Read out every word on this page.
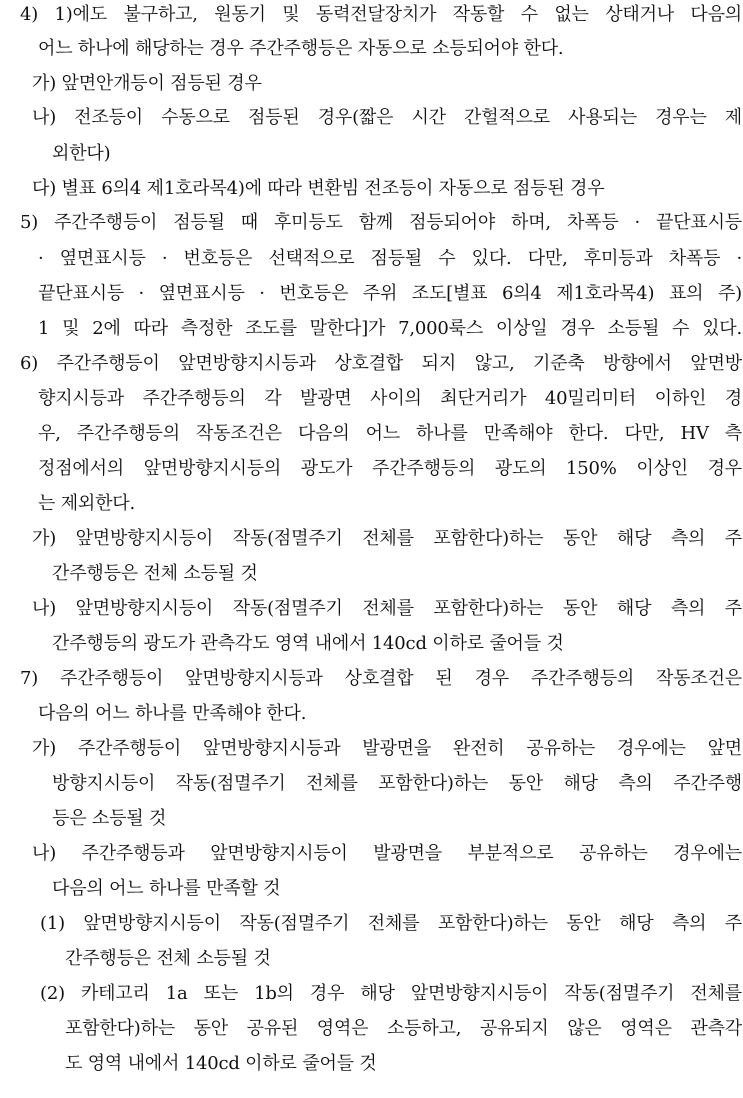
4) 1)에도 불구하고, 원동기 및 동력전달장치가 작동할 수 없는 상태거나 다음의
어느 하나에 해당하는 경우 주간주행등은 자동으로 소등되어야 한다.
가) 앞면안개등이 점등된 경우
나) 전조등이 수동으로 점등된 경우(짧은 시간 간헐적으로 사용되는 경우는 제
외한다)
다) 별표 6의4 제1호라목4)에 따라 변환빔 전조등이 자동으로 점등된 경우
5) 주간주행등이 점등될 때 후미등도 함께 점등되어야 하며, 차폭등 · 끝단표시등
· 옆면표시등 · 번호등은 선택적으로 점등될 수 있다. 다만, 후미등과 차폭등 ·
끝단표시등 · 옆면표시등 · 번호등은 주위 조도[별표 6의4 제1호라목4) 표의 주)
1 및 2에 따라 측정한 조도를 말한다]가 7,000룩스 이상일 경우 소등될 수 있다.
6) 주간주행등이 앞면방향지시등과 상호결합 되지 않고, 기준축 방향에서 앞면방
향지시등과 주간주행등의 각 발광면 사이의 최단거리가 40밀리미터 이하인 경
우, 주간주행등의 작동조건은 다음의 어느 하나를 만족해야 한다. 다만, HV 측
정점에서의 앞면방향지시등의 광도가 주간주행등의 광도의 150% 이상인 경우
는 제외한다.
가) 앞면방향지시등이 작동(점멸주기 전체를 포함한다)하는 동안 해당 측의 주
간주행등은 전체 소등될 것
나) 앞면방향지시등이 작동(점멸주기 전체를 포함한다)하는 동안 해당 측의 주
간주행등의 광도가 관측각도 영역 내에서 140cd 이하로 줄어들 것
7) 주간주행등이 앞면방향지시등과 상호결합 된 경우 주간주행등의 작동조건은
다음의 어느 하나를 만족해야 한다.
가) 주간주행등이 앞면방향지시등과 발광면을 완전히 공유하는 경우에는 앞면
방향지시등이 작동(점멸주기 전체를 포함한다)하는 동안 해당 측의 주간주행
등은 소등될 것
나) 주간주행등과 앞면방향지시등이 발광면을 부분적으로 공유하는 경우에는
다음의 어느 하나를 만족할 것
(1) 앞면방향지시등이 작동(점멸주기 전체를 포함한다)하는 동안 해당 측의 주
간주행등은 전체 소등될 것
(2) 카테고리 1a 또는 1b의 경우 해당 앞면방향지시등이 작동(점멸주기 전체를
포함한다)하는 동안 공유된 영역은 소등하고, 공유되지 않은 영역은 관측각
도 영역 내에서 140cd 이하로 줄어들 것
